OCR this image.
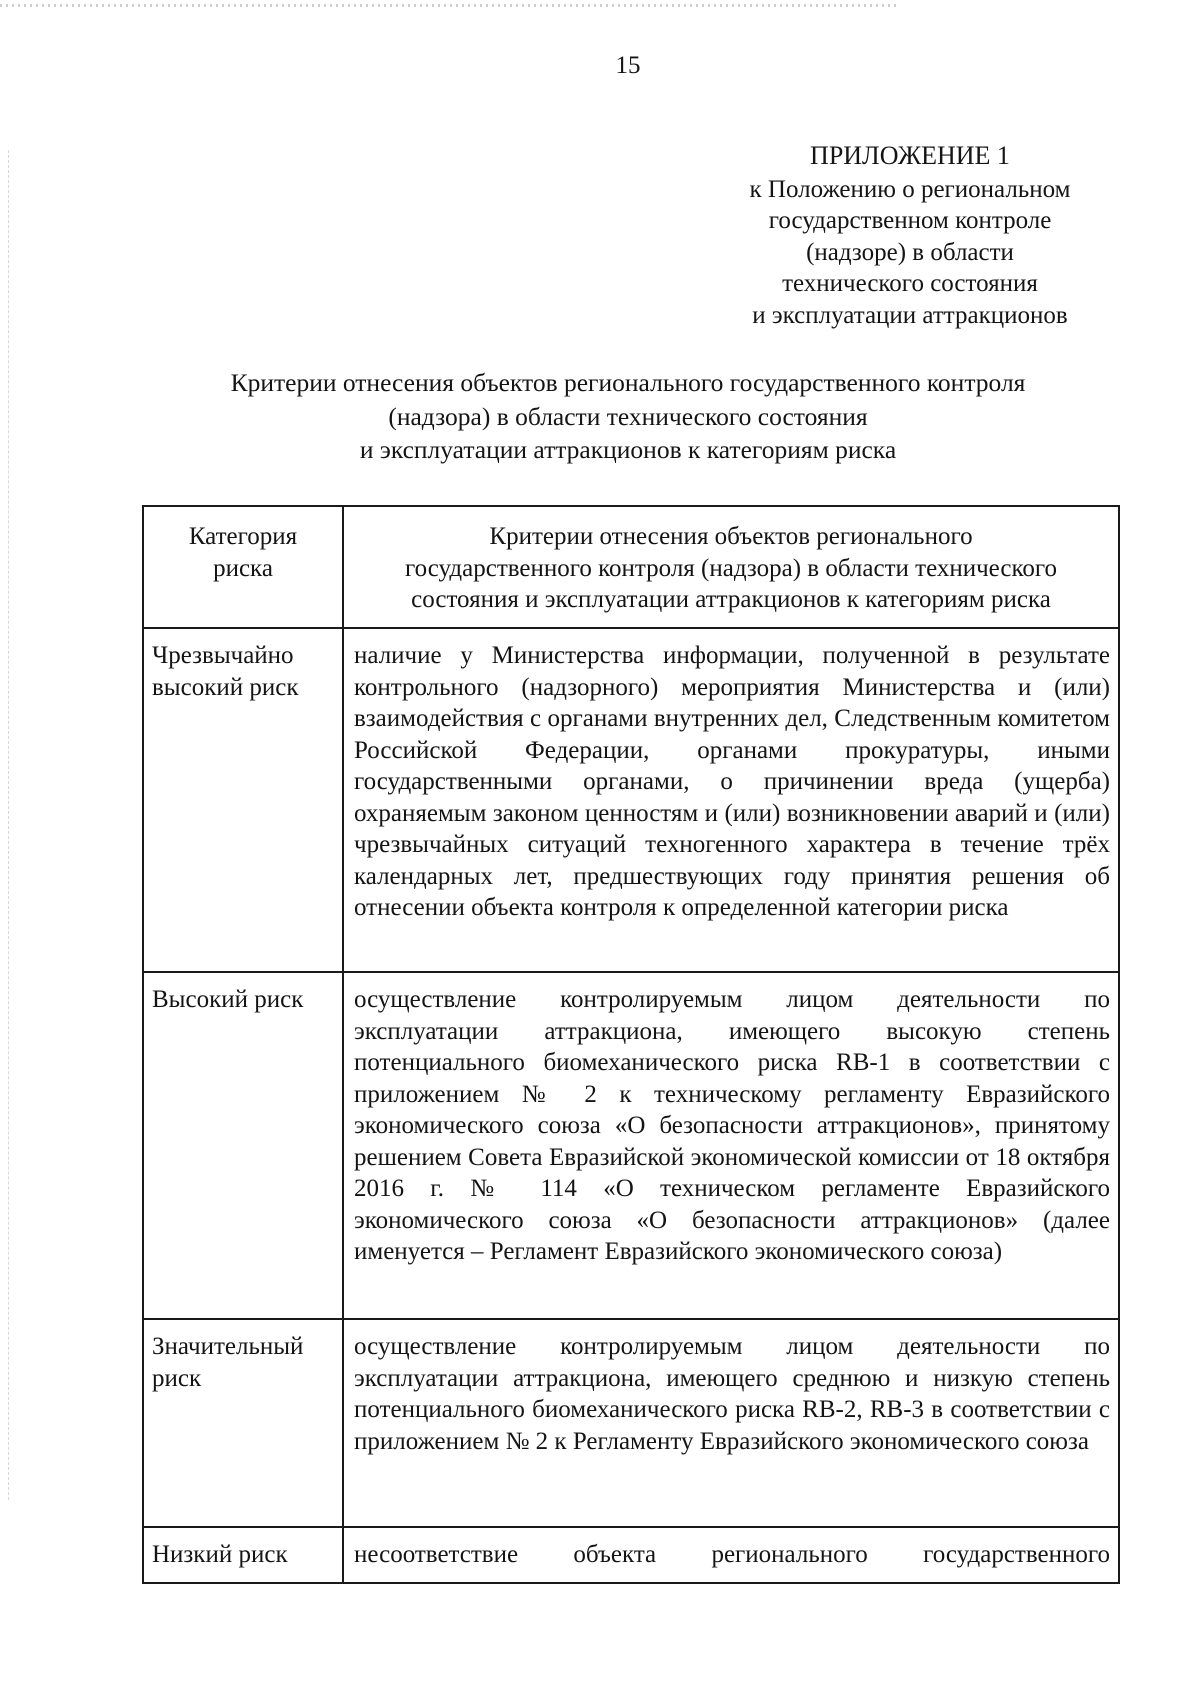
15
ПРИЛОЖЕНИЕ 1
к Положению о региональном
государственном контроле
(надзоре) в области
технического состояния
и эксплуатации аттракционов
Критерии отнесения объектов регионального государственного контроля
(надзора) в области технического состояния
и эксплуатации аттракционов к категориям риска
Категория
риска	Критерии отнесения объектов регионального
государственного контроля (надзора) в области технического
состояния и эксплуатации аттракционов к категориям риска

Чрезвычайно
высокий риск	наличие у Министерства информации, полученной в результате контрольного (надзорного) мероприятия Министерства и (или) взаимодействия с органами внутренних дел, Следственным комитетом Российской Федерации, органами прокуратуры, иными государственными органами, о причинении вреда (ущерба) охраняемым законом ценностям и (или) возникновении аварий и (или) чрезвычайных ситуаций техногенного характера в течение трёх календарных лет, предшествующих году принятия решения об отнесении объекта контроля к определенной категории риска

Высокий риск	осуществление контролируемым лицом деятельности по эксплуатации аттракциона, имеющего высокую степень потенциального биомеханического риска RB-1 в соответствии с приложением № 2 к техническому регламенту Евразийского экономического союза «О безопасности аттракционов», принятому решением Совета Евразийской экономической комиссии от 18 октября 2016 г. № 114 «О техническом регламенте Евразийского экономического союза «О безопасности аттракционов» (далее именуется – Регламент Евразийского экономического союза)

Значительный
риск	осуществление контролируемым лицом деятельности по эксплуатации аттракциона, имеющего среднюю и низкую степень потенциального биомеханического риска RB-2, RB-3 в соответствии с приложением № 2 к Регламенту Евразийского экономического союза

Низкий риск	несоответствие объекта регионального государственного
